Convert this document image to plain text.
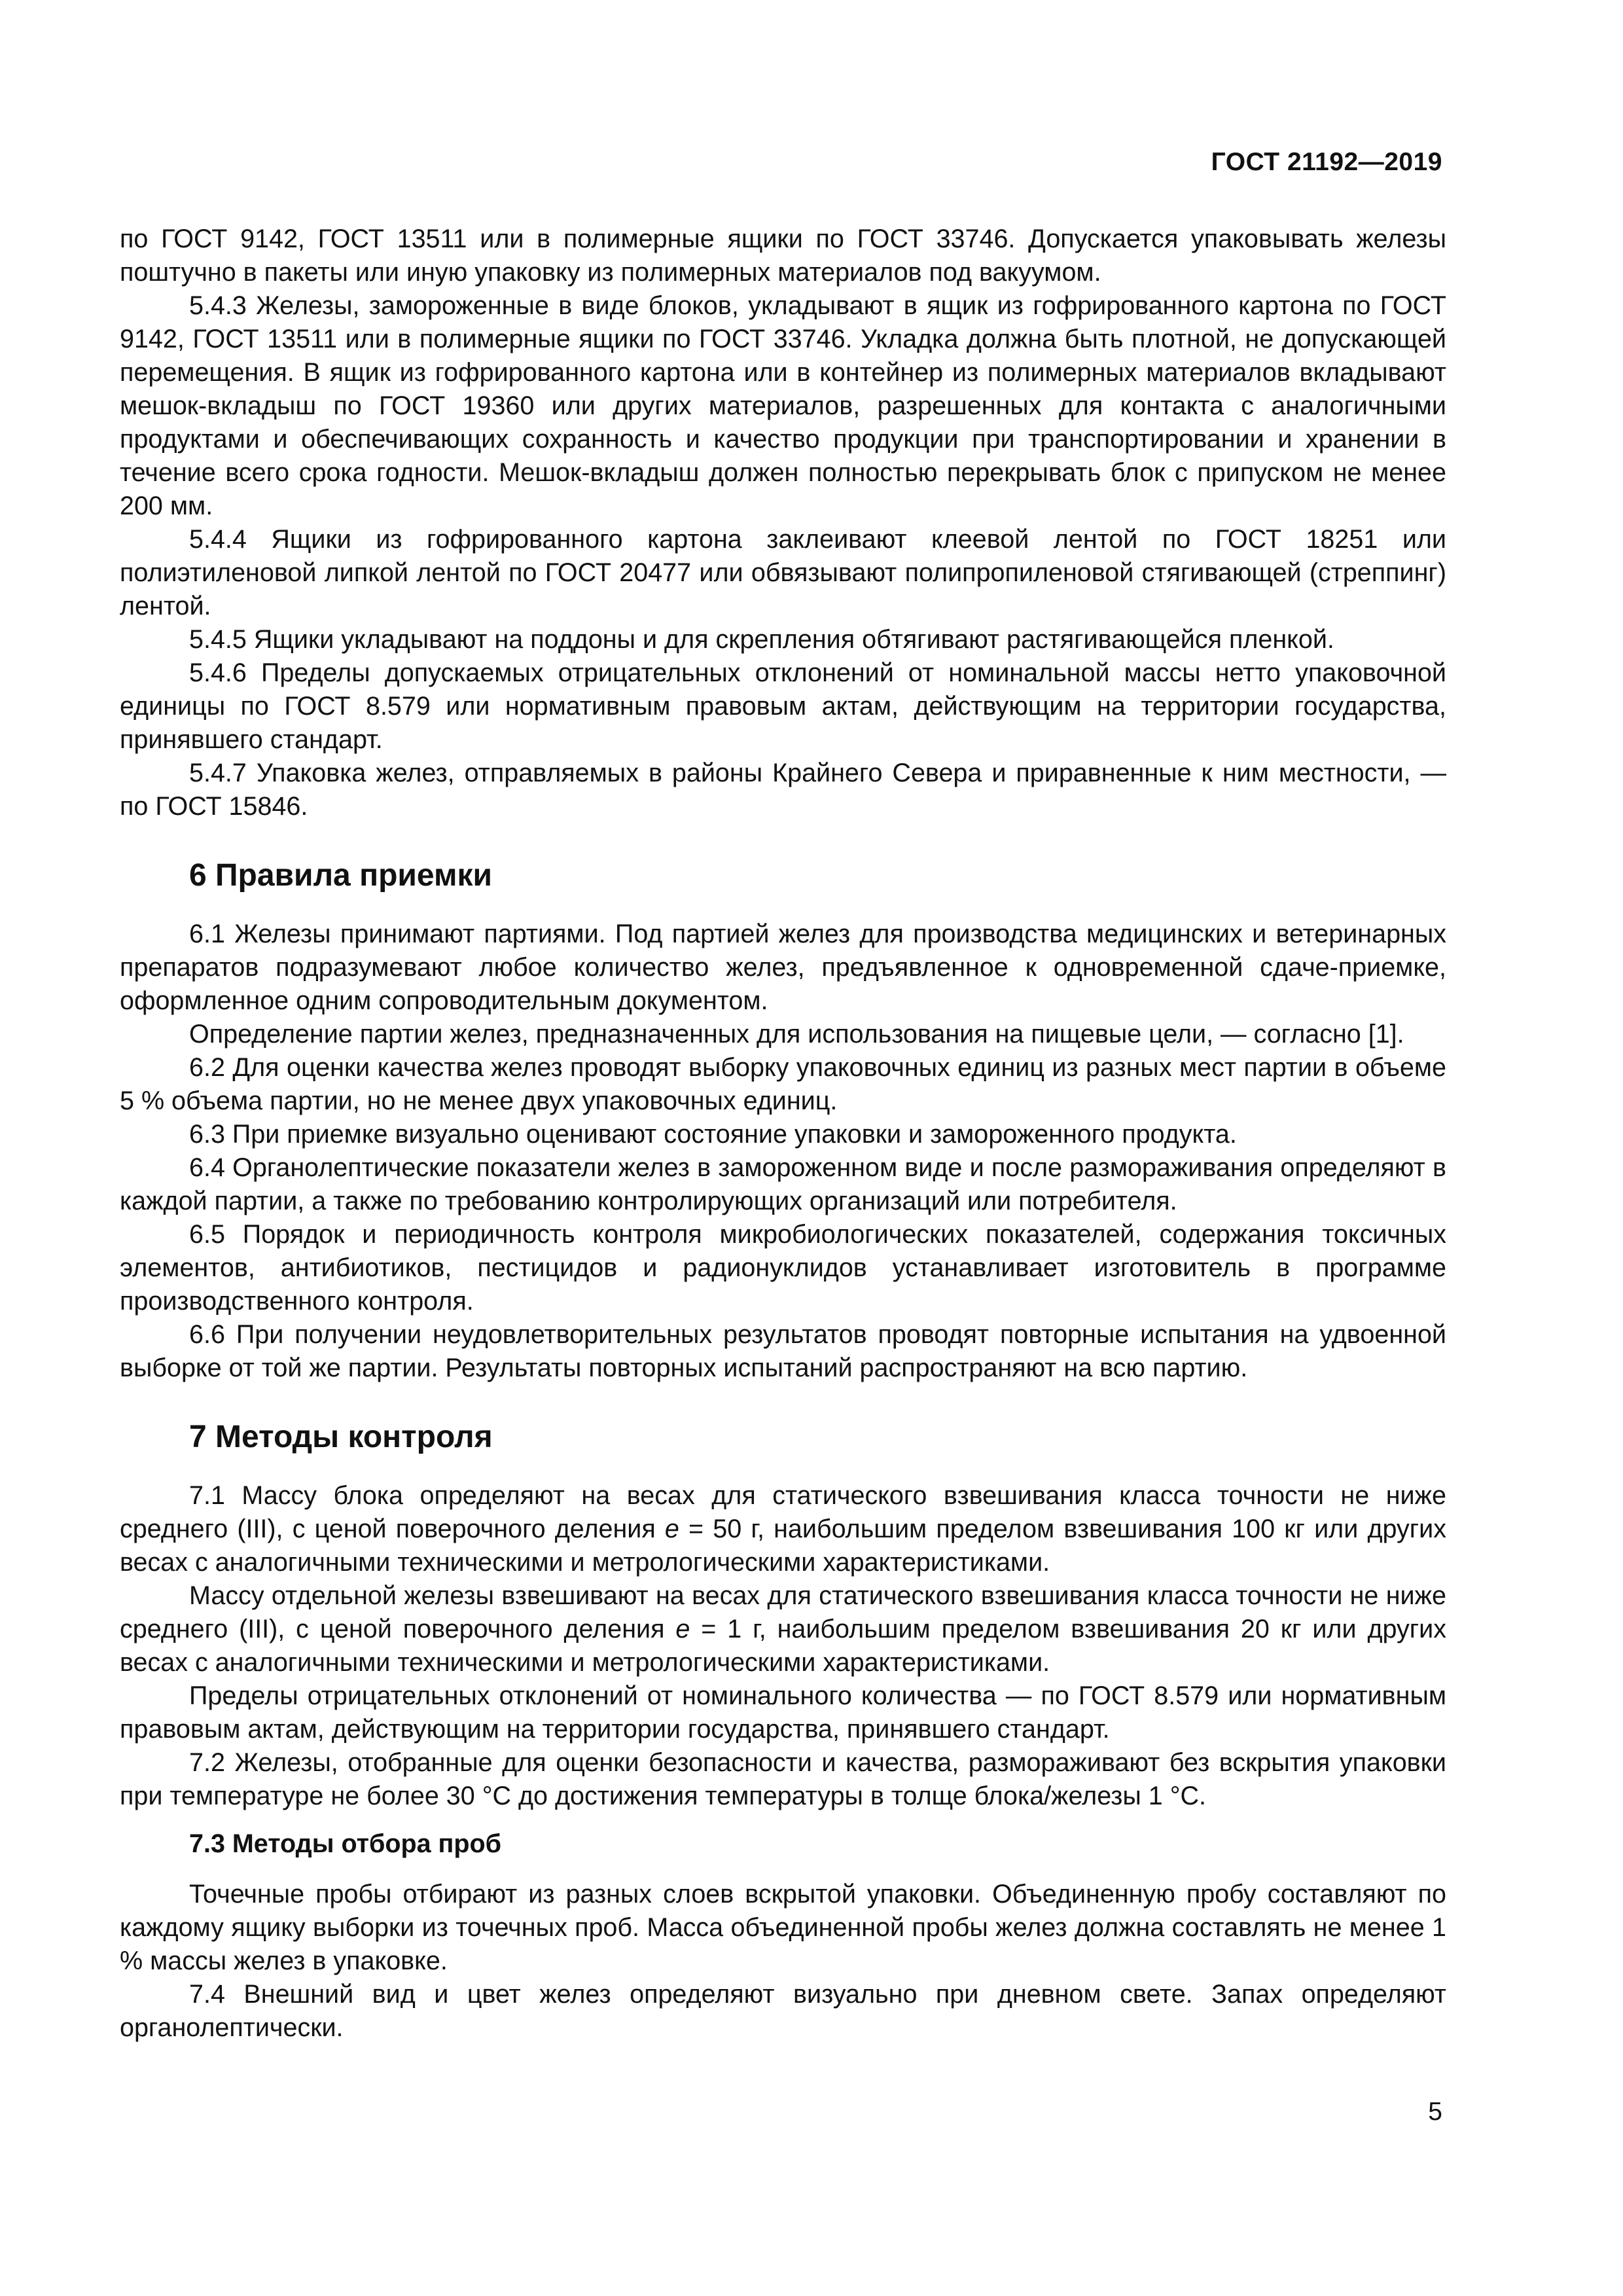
ГОСТ 21192—2019

по ГОСТ 9142, ГОСТ 13511 или в полимерные ящики по ГОСТ 33746. Допускается упаковывать железы поштучно в пакеты или иную упаковку из полимерных материалов под вакуумом.

5.4.3 Железы, замороженные в виде блоков, укладывают в ящик из гофрированного картона по ГОСТ 9142, ГОСТ 13511 или в полимерные ящики по ГОСТ 33746. Укладка должна быть плотной, не допускающей перемещения. В ящик из гофрированного картона или в контейнер из полимерных материалов вкладывают мешок-вкладыш по ГОСТ 19360 или других материалов, разрешенных для контакта с аналогичными продуктами и обеспечивающих сохранность и качество продукции при транспортировании и хранении в течение всего срока годности. Мешок-вкладыш должен полностью перекрывать блок с припуском не менее 200 мм.

5.4.4 Ящики из гофрированного картона заклеивают клеевой лентой по ГОСТ 18251 или полиэтиленовой липкой лентой по ГОСТ 20477 или обвязывают полипропиленовой стягивающей (стреппинг) лентой.

5.4.5 Ящики укладывают на поддоны и для скрепления обтягивают растягивающейся пленкой.

5.4.6 Пределы допускаемых отрицательных отклонений от номинальной массы нетто упаковочной единицы по ГОСТ 8.579 или нормативным правовым актам, действующим на территории государства, принявшего стандарт.

5.4.7 Упаковка желез, отправляемых в районы Крайнего Севера и приравненные к ним местности, — по ГОСТ 15846.

6 Правила приемки

6.1 Железы принимают партиями. Под партией желез для производства медицинских и ветеринарных препаратов подразумевают любое количество желез, предъявленное к одновременной сдаче-приемке, оформленное одним сопроводительным документом.

Определение партии желез, предназначенных для использования на пищевые цели, — согласно [1].

6.2 Для оценки качества желез проводят выборку упаковочных единиц из разных мест партии в объеме 5 % объема партии, но не менее двух упаковочных единиц.

6.3 При приемке визуально оценивают состояние упаковки и замороженного продукта.

6.4 Органолептические показатели желез в замороженном виде и после размораживания определяют в каждой партии, а также по требованию контролирующих организаций или потребителя.

6.5 Порядок и периодичность контроля микробиологических показателей, содержания токсичных элементов, антибиотиков, пестицидов и радионуклидов устанавливает изготовитель в программе производственного контроля.

6.6 При получении неудовлетворительных результатов проводят повторные испытания на удвоенной выборке от той же партии. Результаты повторных испытаний распространяют на всю партию.

7 Методы контроля

7.1 Массу блока определяют на весах для статического взвешивания класса точности не ниже среднего (III), с ценой поверочного деления e = 50 г, наибольшим пределом взвешивания 100 кг или других весах с аналогичными техническими и метрологическими характеристиками.

Массу отдельной железы взвешивают на весах для статического взвешивания класса точности не ниже среднего (III), с ценой поверочного деления e = 1 г, наибольшим пределом взвешивания 20 кг или других весах с аналогичными техническими и метрологическими характеристиками.

Пределы отрицательных отклонений от номинального количества — по ГОСТ 8.579 или нормативным правовым актам, действующим на территории государства, принявшего стандарт.

7.2 Железы, отобранные для оценки безопасности и качества, размораживают без вскрытия упаковки при температуре не более 30 °C до достижения температуры в толще блока/железы 1 °C.

7.3 Методы отбора проб

Точечные пробы отбирают из разных слоев вскрытой упаковки. Объединенную пробу составляют по каждому ящику выборки из точечных проб. Масса объединенной пробы желез должна составлять не менее 1 % массы желез в упаковке.

7.4 Внешний вид и цвет желез определяют визуально при дневном свете. Запах определяют органолептически.

5
